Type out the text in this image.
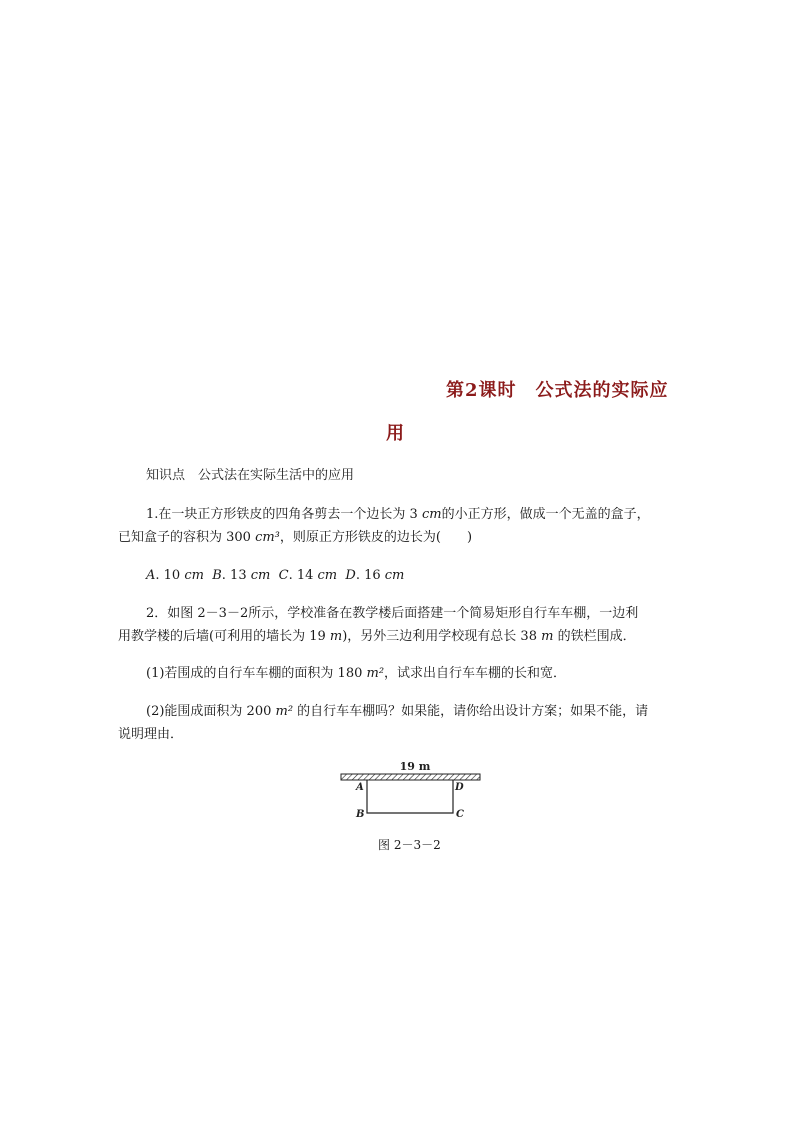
第2课时　公式法的实际应
用
知识点　公式法在实际生活中的应用
1.在一块正方形铁皮的四角各剪去一个边长为 3 cm的小正方形，做成一个无盖的盒子，
已知盒子的容积为 300 cm³，则原正方形铁皮的边长为(　　)
A. 10 cm B. 13 cm C. 14 cm D. 16 cm
2．如图 2－3－2所示，学校准备在教学楼后面搭建一个简易矩形自行车车棚，一边利
用教学楼的后墙(可利用的墙长为 19 m)，另外三边利用学校现有总长 38 m 的铁栏围成．
(1)若围成的自行车车棚的面积为 180 m²，试求出自行车车棚的长和宽．
(2)能围成面积为 200 m² 的自行车车棚吗？如果能，请你给出设计方案；如果不能，请
说明理由．
19 m
A
B	C
D
图 2－3－2
